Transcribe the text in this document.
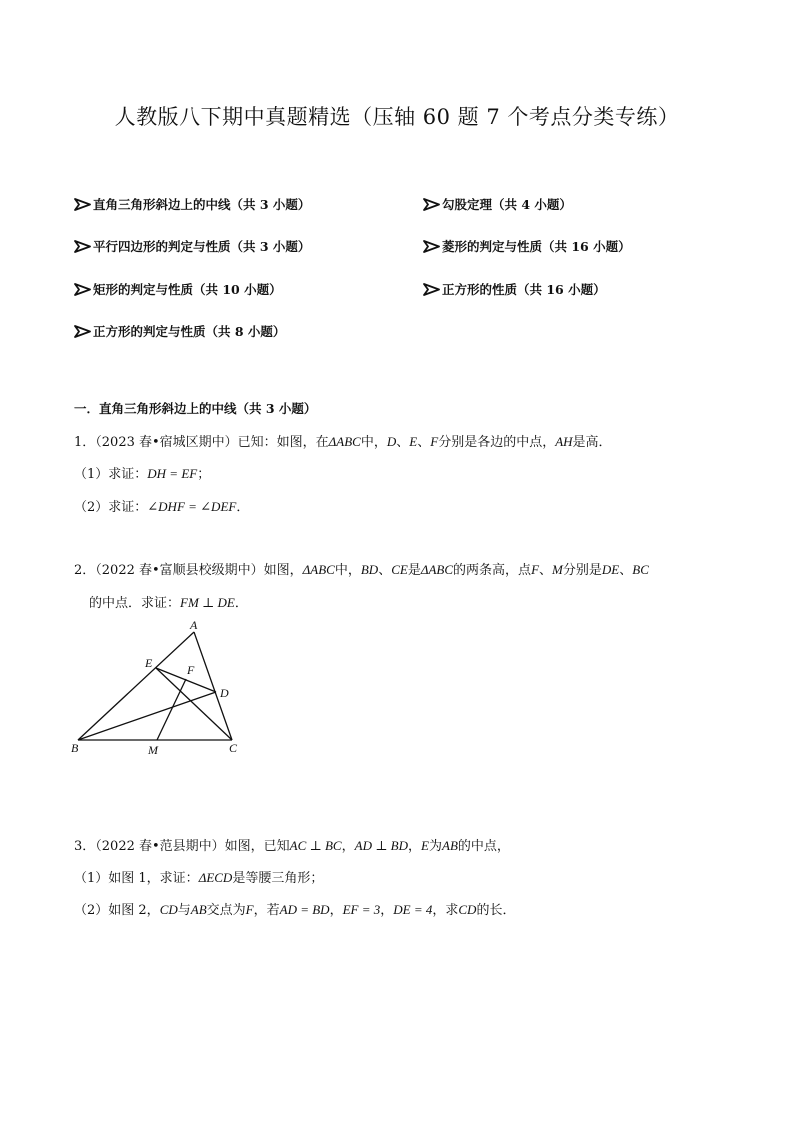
人教版八下期中真题精选（压轴 60 题 7 个考点分类专练）
直角三角形斜边上的中线（共 3 小题）	勾股定理（共 4 小题）
平行四边形的判定与性质（共 3 小题）	菱形的判定与性质（共 16 小题）
矩形的判定与性质（共 10 小题）	正方形的性质（共 16 小题）
正方形的判定与性质（共 8 小题）
一．直角三角形斜边上的中线（共 3 小题）
1．（2023 春•宿城区期中）已知：如图，在ΔABC中，D、E、F分别是各边的中点，AH是高．
（1）求证：DH = EF；
（2）求证：∠DHF = ∠DEF．
2．（2022 春•富顺县校级期中）如图，ΔABC中，BD、CE是ΔABC的两条高，点F、M分别是DE、BC
的中点．求证：FM ⊥ DE．
A
E	F
D
B	M	C
3．（2022 春•范县期中）如图，已知AC ⊥ BC，AD ⊥ BD，E为AB的中点，
（1）如图 1，求证：ΔECD是等腰三角形；
（2）如图 2，CD与AB交点为F，若AD = BD，EF = 3，DE = 4，求CD的长．
